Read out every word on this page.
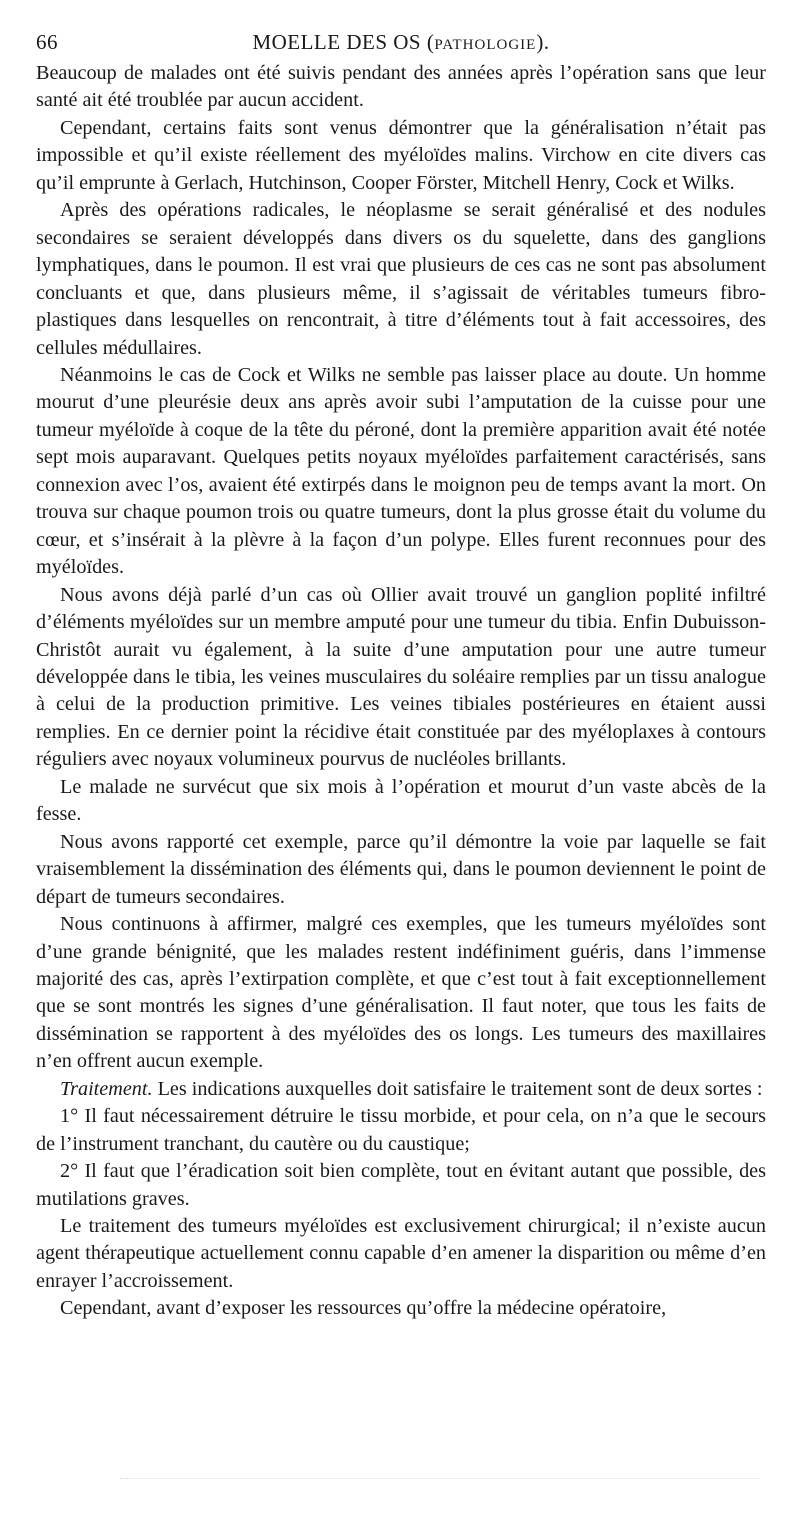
66	MOELLE DES OS (PATHOLOGIE).

Beaucoup de malades ont été suivis pendant des années après l’opération sans que leur santé ait été troublée par aucun accident.

Cependant, certains faits sont venus démontrer que la généralisation n’était pas impossible et qu’il existe réellement des myéloïdes malins. Virchow en cite divers cas qu’il emprunte à Gerlach, Hutchinson, Cooper Förster, Mitchell Henry, Cock et Wilks.

Après des opérations radicales, le néoplasme se serait généralisé et des nodules secondaires se seraient développés dans divers os du squelette, dans des ganglions lymphatiques, dans le poumon. Il est vrai que plusieurs de ces cas ne sont pas absolument concluants et que, dans plusieurs même, il s’agissait de véritables tumeurs fibro-plastiques dans lesquelles on rencontrait, à titre d’éléments tout à fait accessoires, des cellules médullaires.

Néanmoins le cas de Cock et Wilks ne semble pas laisser place au doute. Un homme mourut d’une pleurésie deux ans après avoir subi l’amputation de la cuisse pour une tumeur myéloïde à coque de la tête du péroné, dont la première apparition avait été notée sept mois auparavant. Quelques petits noyaux myéloïdes parfaitement caractérisés, sans connexion avec l’os, avaient été extirpés dans le moignon peu de temps avant la mort. On trouva sur chaque poumon trois ou quatre tumeurs, dont la plus grosse était du volume du cœur, et s’insérait à la plèvre à la façon d’un polype. Elles furent reconnues pour des myéloïdes.

Nous avons déjà parlé d’un cas où Ollier avait trouvé un ganglion poplité infiltré d’éléments myéloïdes sur un membre amputé pour une tumeur du tibia. Enfin Dubuisson-Christôt aurait vu également, à la suite d’une amputation pour une autre tumeur développée dans le tibia, les veines musculaires du soléaire remplies par un tissu analogue à celui de la production primitive. Les veines tibiales postérieures en étaient aussi remplies. En ce dernier point la récidive était constituée par des myéloplaxes à contours réguliers avec noyaux volumineux pourvus de nucléoles brillants.

Le malade ne survécut que six mois à l’opération et mourut d’un vaste abcès de la fesse.

Nous avons rapporté cet exemple, parce qu’il démontre la voie par laquelle se fait vraisemblement la dissémination des éléments qui, dans le poumon deviennent le point de départ de tumeurs secondaires.

Nous continuons à affirmer, malgré ces exemples, que les tumeurs myéloïdes sont d’une grande bénignité, que les malades restent indéfiniment guéris, dans l’immense majorité des cas, après l’extirpation complète, et que c’est tout à fait exceptionnellement que se sont montrés les signes d’une généralisation. Il faut noter, que tous les faits de dissémination se rapportent à des myéloïdes des os longs. Les tumeurs des maxillaires n’en offrent aucun exemple.

Traitement. Les indications auxquelles doit satisfaire le traitement sont de deux sortes :

1° Il faut nécessairement détruire le tissu morbide, et pour cela, on n’a que le secours de l’instrument tranchant, du cautère ou du caustique;

2° Il faut que l’éradication soit bien complète, tout en évitant autant que possible, des mutilations graves.

Le traitement des tumeurs myéloïdes est exclusivement chirurgical; il n’existe aucun agent thérapeutique actuellement connu capable d’en amener la disparition ou même d’en enrayer l’accroissement.

Cependant, avant d’exposer les ressources qu’offre la médecine opératoire,
